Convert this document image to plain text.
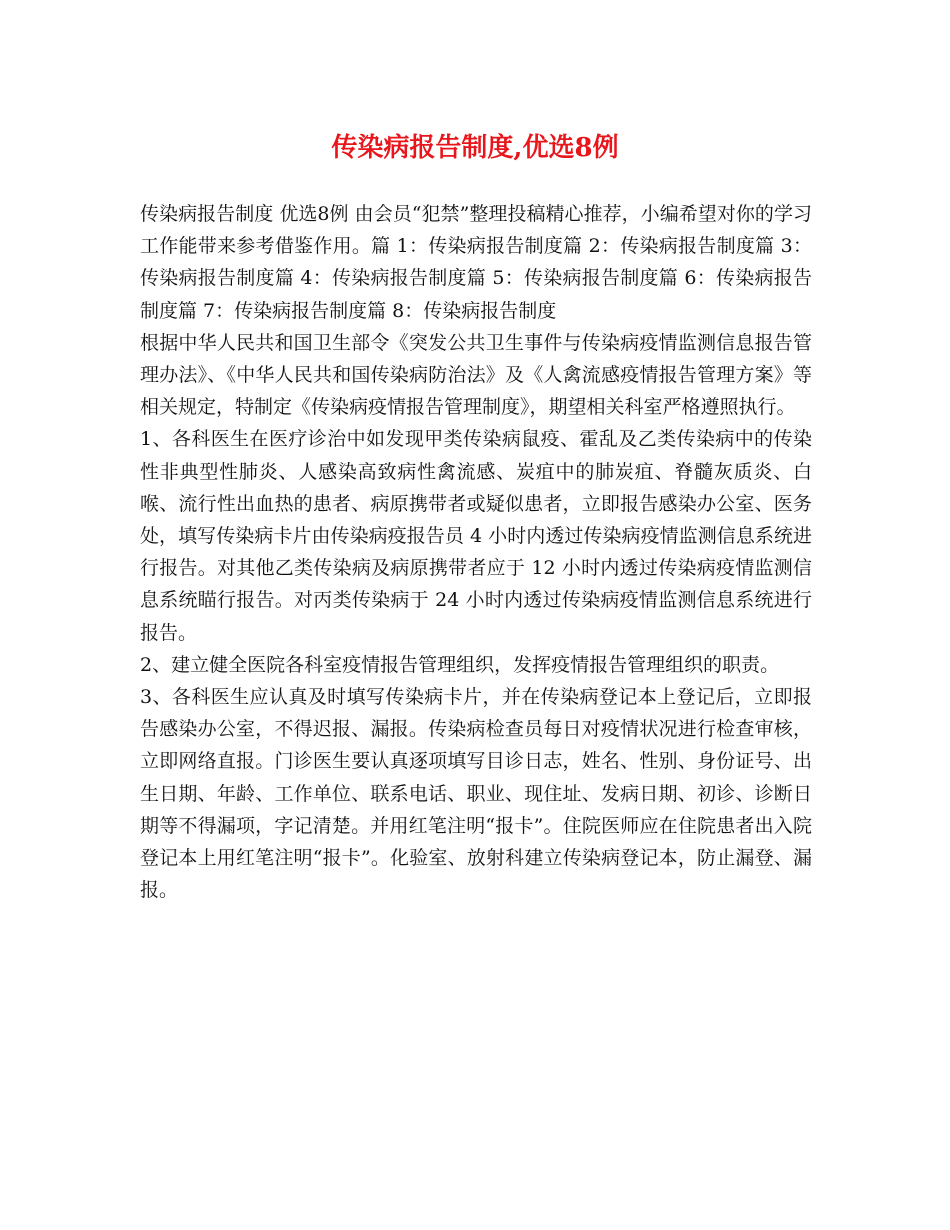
传染病报告制度,优选8例

传染病报告制度 优选8例 由会员“犯禁”整理投稿精心推荐，小编希望对你的学习工作能带来参考借鉴作用。篇 1：传染病报告制度篇 2：传染病报告制度篇 3：传染病报告制度篇 4：传染病报告制度篇 5：传染病报告制度篇 6：传染病报告制度篇 7：传染病报告制度篇 8：传染病报告制度

根据中华人民共和国卫生部令《突发公共卫生事件与传染病疫情监测信息报告管理办法》、《中华人民共和国传染病防治法》及《人禽流感疫情报告管理方案》等相关规定，特制定《传染病疫情报告管理制度》，期望相关科室严格遵照执行。

1、各科医生在医疗诊治中如发现甲类传染病鼠疫、霍乱及乙类传染病中的传染性非典型性肺炎、人感染高致病性禽流感、炭疽中的肺炭疽、脊髓灰质炎、白喉、流行性出血热的患者、病原携带者或疑似患者，立即报告感染办公室、医务处，填写传染病卡片由传染病疫报告员 4 小时内透过传染病疫情监测信息系统进行报告。对其他乙类传染病及病原携带者应于 12 小时内透过传染病疫情监测信息系统瞄行报告。对丙类传染病于 24 小时内透过传染病疫情监测信息系统进行报告。

2、建立健全医院各科室疫情报告管理组织，发挥疫情报告管理组织的职责。

3、各科医生应认真及时填写传染病卡片，并在传染病登记本上登记后，立即报告感染办公室，不得迟报、漏报。传染病检查员每日对疫情状况进行检查审核，立即网络直报。门诊医生要认真逐项填写目诊日志，姓名、性别、身份证号、出生日期、年龄、工作单位、联系电话、职业、现住址、发病日期、初诊、诊断日期等不得漏项，字记清楚。并用红笔注明“报卡”。住院医师应在住院患者出入院登记本上用红笔注明“报卡”。化验室、放射科建立传染病登记本，防止漏登、漏报。
